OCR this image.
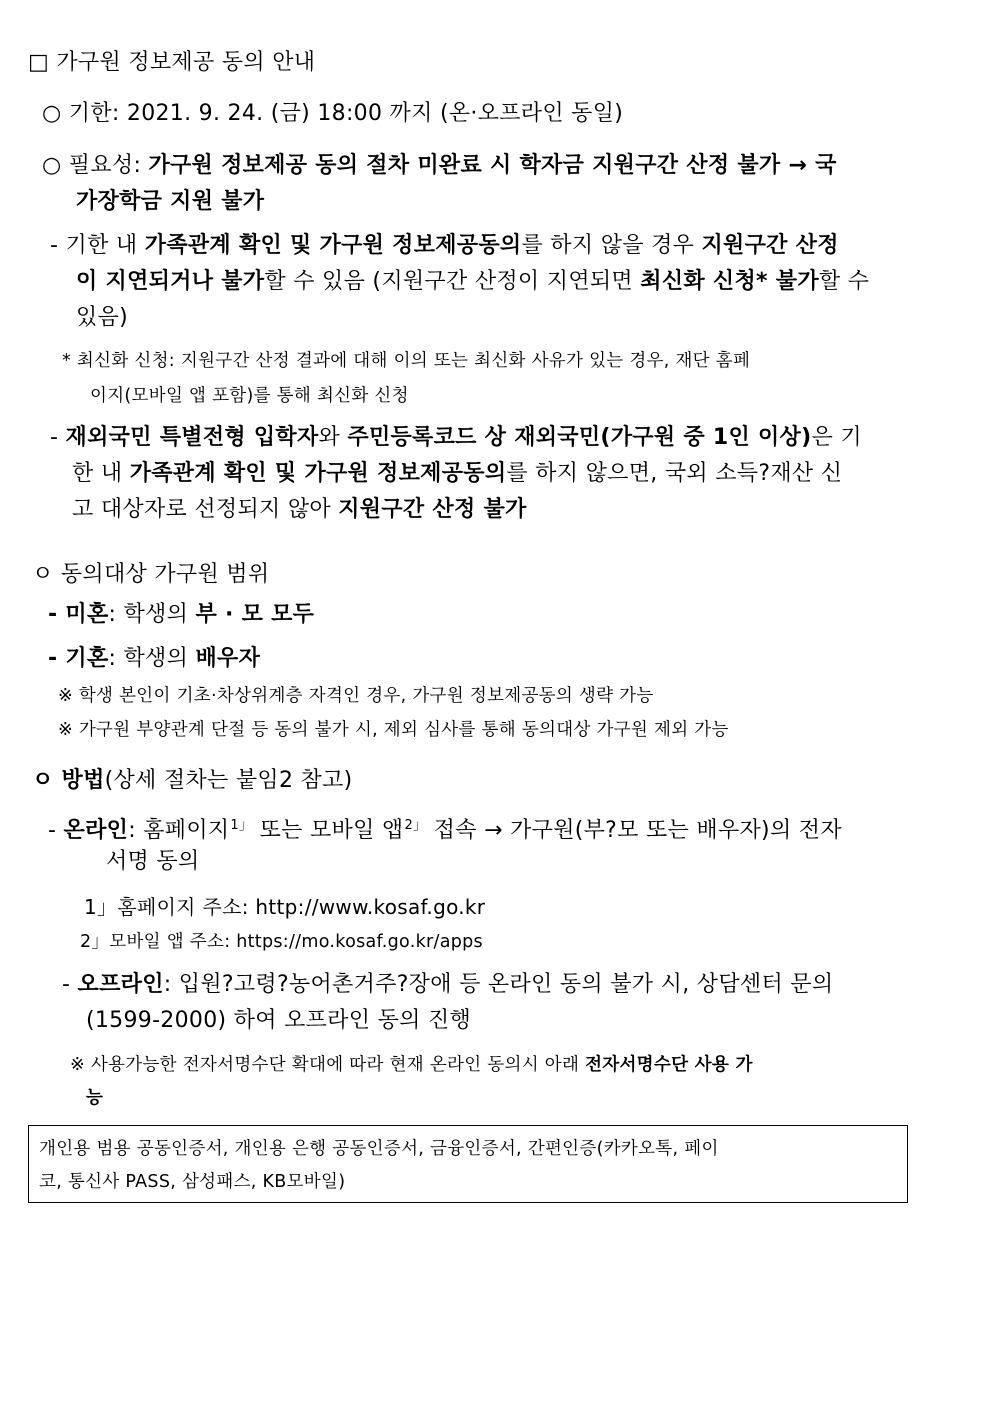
□ 가구원 정보제공 동의 안내
○ 기한: 2021. 9. 24. (금) 18:00 까지 (온·오프라인 동일)
○ 필요성: 가구원 정보제공 동의 절차 미완료 시 학자금 지원구간 산정 불가 → 국
가장학금 지원 불가
- 기한 내 가족관계 확인 및 가구원 정보제공동의를 하지 않을 경우 지원구간 산정
이 지연되거나 불가할 수 있음 (지원구간 산정이 지연되면 최신화 신청* 불가할 수
있음)
* 최신화 신청: 지원구간 산정 결과에 대해 이의 또는 최신화 사유가 있는 경우, 재단 홈페
이지(모바일 앱 포함)를 통해 최신화 신청
- 재외국민 특별전형 입학자와 주민등록코드 상 재외국민(가구원 중 1인 이상)은 기
한 내 가족관계 확인 및 가구원 정보제공동의를 하지 않으면, 국외 소득?재산 신
고 대상자로 선정되지 않아 지원구간 산정 불가
ㅇ 동의대상 가구원 범위
- 미혼: 학생의 부 · 모 모두
- 기혼: 학생의 배우자
※ 학생 본인이 기초·차상위계층 자격인 경우, 가구원 정보제공동의 생략 가능
※ 가구원 부양관계 단절 등 동의 불가 시, 제외 심사를 통해 동의대상 가구원 제외 가능
ㅇ 방법(상세 절차는 붙임2 참고)
- 온라인: 홈페이지$^{1」}$ 또는 모바일 앱$^{2」}$ 접속 → 가구원(부?모 또는 배우자)의 전자
서명 동의
1」홈페이지 주소: http://www.kosaf.go.kr
2」모바일 앱 주소: https://mo.kosaf.go.kr/apps
- 오프라인: 입원?고령?농어촌거주?장애 등 온라인 동의 불가 시, 상담센터 문의
(1599-2000) 하여 오프라인 동의 진행
※ 사용가능한 전자서명수단 확대에 따라 현재 온라인 동의시 아래 전자서명수단 사용 가
능
개인용 범용 공동인증서, 개인용 은행 공동인증서, 금융인증서, 간편인증(카카오톡, 페이
코, 통신사 PASS, 삼성패스, KB모바일)
